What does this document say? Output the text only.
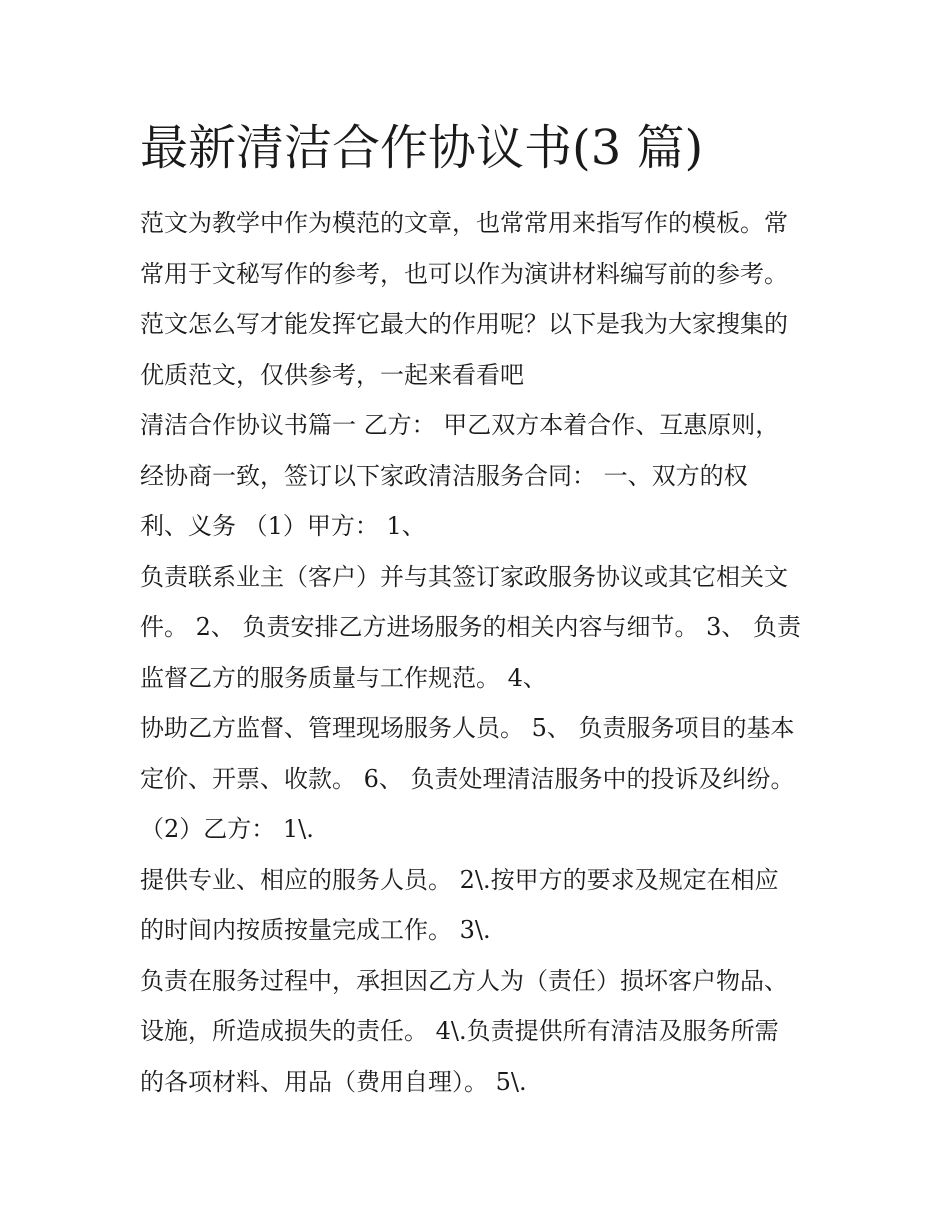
最新清洁合作协议书(3 篇)
范文为教学中作为模范的文章，也常常用来指写作的模板。常
常用于文秘写作的参考，也可以作为演讲材料编写前的参考。
范文怎么写才能发挥它最大的作用呢？以下是我为大家搜集的
优质范文，仅供参考，一起来看看吧
清洁合作协议书篇一 乙方： 甲乙双方本着合作、互惠原则，
经协商一致，签订以下家政清洁服务合同： 一、双方的权
利、义务 （1）甲方： 1、
负责联系业主（客户）并与其签订家政服务协议或其它相关文
件。 2、 负责安排乙方进场服务的相关内容与细节。 3、 负责
监督乙方的服务质量与工作规范。 4、
协助乙方监督、管理现场服务人员。 5、 负责服务项目的基本
定价、开票、收款。 6、 负责处理清洁服务中的投诉及纠纷。
（2）乙方： 1\.
提供专业、相应的服务人员。 2\.按甲方的要求及规定在相应
的时间内按质按量完成工作。 3\.
负责在服务过程中，承担因乙方人为（责任）损坏客户物品、
设施，所造成损失的责任。 4\.负责提供所有清洁及服务所需
的各项材料、用品（费用自理）。 5\.
